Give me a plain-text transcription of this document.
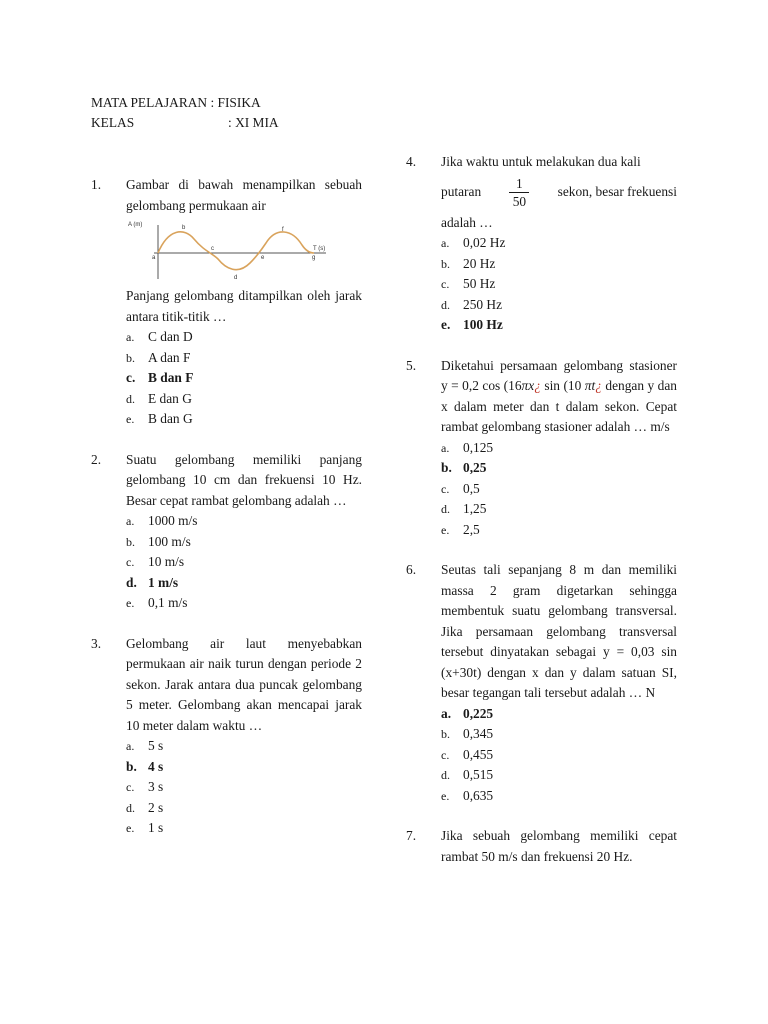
MATA PELAJARAN : FISIKA
KELAS	: XI MIA
1. Gambar di bawah menampilkan sebuah gelombang permukaan air
A (m)
T (s)
a
b
c
d
e
f
g
Panjang gelombang ditampilkan oleh jarak antara titik-titik …
a.	C dan D
b. A dan F
c. B dan F
d. E dan G
e.	B dan G
2. Suatu gelombang memiliki panjang gelombang 10 cm dan frekuensi 10 Hz. Besar cepat rambat gelombang adalah …
a.	1000 m/s
b. 100 m/s
c.	10 m/s
d. 1 m/s
e.	0,1 m/s
3. Gelombang air laut menyebabkan permukaan air naik turun dengan periode 2 sekon. Jarak antara dua puncak gelombang 5 meter. Gelombang akan mencapai jarak 10 meter dalam waktu …
a.	5 s
b. 4 s
c.	3 s
d. 2 s
e.	1 s
4. Jika waktu untuk melakukan dua kali
putaran $\frac{1}{50}$ sekon, besar frekuensi
adalah …
a.	0,02 Hz
b. 20 Hz
c.	50 Hz
d. 250 Hz
e. 100 Hz
5. Diketahui persamaan gelombang stasioner y = 0,2 cos (16πx¿ sin (10 πt¿ dengan y dan x dalam meter dan t dalam sekon. Cepat rambat gelombang stasioner adalah … m/s
a.	0,125
b. 0,25
c.	0,5
d. 1,25
e.	2,5
6. Seutas tali sepanjang 8 m dan memiliki massa 2 gram digetarkan sehingga membentuk suatu gelombang transversal. Jika persamaan gelombang transversal tersebut dinyatakan sebagai y = 0,03 sin (x+30t) dengan x dan y dalam satuan SI, besar tegangan tali tersebut adalah … N
a. 0,225
b. 0,345
c.	0,455
d. 0,515
e.	0,635
7. Jika sebuah gelombang memiliki cepat rambat 50 m/s dan frekuensi 20 Hz.
